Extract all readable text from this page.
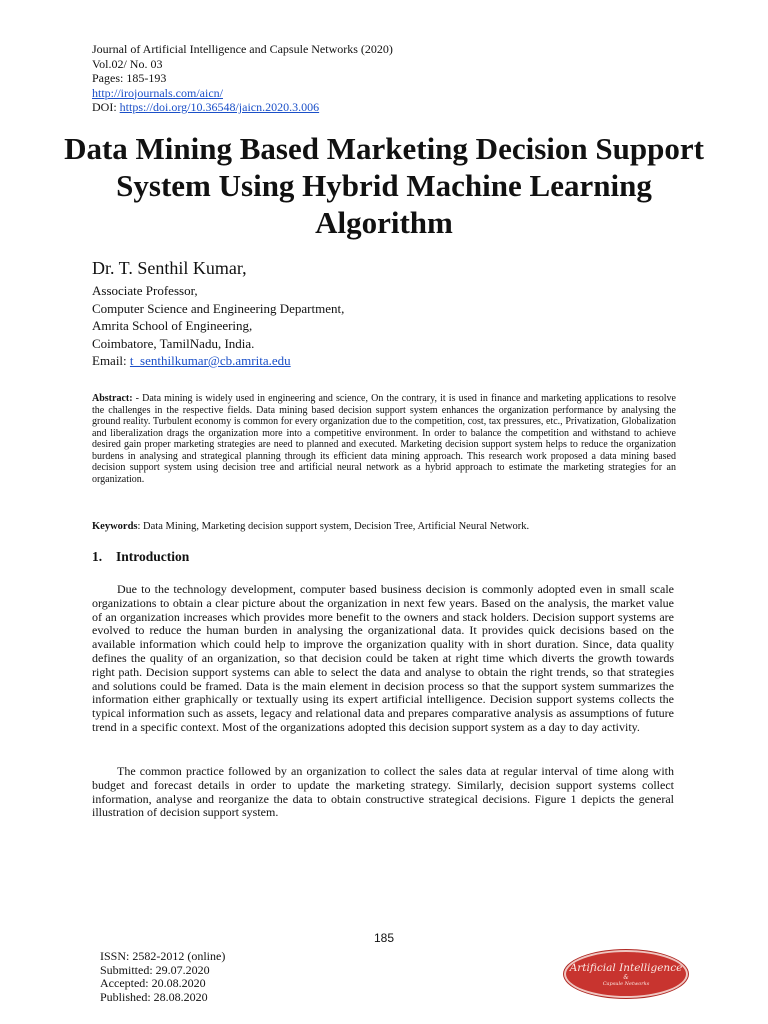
Journal of Artificial Intelligence and Capsule Networks (2020)
Vol.02/ No. 03
Pages: 185-193
http://irojournals.com/aicn/
DOI: https://doi.org/10.36548/jaicn.2020.3.006
Data Mining Based Marketing Decision Support System Using Hybrid Machine Learning Algorithm
Dr. T. Senthil Kumar,
Associate Professor,
Computer Science and Engineering Department,
Amrita School of Engineering,
Coimbatore, TamilNadu, India.
Email: t_senthilkumar@cb.amrita.edu
Abstract: - Data mining is widely used in engineering and science, On the contrary, it is used in finance and marketing applications to resolve the challenges in the respective fields. Data mining based decision support system enhances the organization performance by analysing the ground reality. Turbulent economy is common for every organization due to the competition, cost, tax pressures, etc., Privatization, Globalization and liberalization drags the organization more into a competitive environment. In order to balance the competition and withstand to achieve desired gain proper marketing strategies are need to planned and executed. Marketing decision support system helps to reduce the organization burdens in analysing and strategical planning through its efficient data mining approach. This research work proposed a data mining based decision support system using decision tree and artificial neural network as a hybrid approach to estimate the marketing strategies for an organization.
Keywords: Data Mining, Marketing decision support system, Decision Tree, Artificial Neural Network.
1. Introduction
Due to the technology development, computer based business decision is commonly adopted even in small scale organizations to obtain a clear picture about the organization in next few years. Based on the analysis, the market value of an organization increases which provides more benefit to the owners and stack holders. Decision support systems are evolved to reduce the human burden in analysing the organizational data. It provides quick decisions based on the available information which could help to improve the organization quality with in short duration. Since, data quality defines the quality of an organization, so that decision could be taken at right time which diverts the growth towards right path. Decision support systems can able to select the data and analyse to obtain the right trends, so that strategies and solutions could be framed. Data is the main element in decision process so that the support system summarizes the information either graphically or textually using its expert artificial intelligence. Decision support systems collects the typical information such as assets, legacy and relational data and prepares comparative analysis as assumptions of future trend in a specific context. Most of the organizations adopted this decision support system as a day to day activity.
The common practice followed by an organization to collect the sales data at regular interval of time along with budget and forecast details in order to update the marketing strategy. Similarly, decision support systems collect information, analyse and reorganize the data to obtain constructive strategical decisions. Figure 1 depicts the general illustration of decision support system.
185
ISSN: 2582-2012 (online)
Submitted: 29.07.2020
Accepted: 20.08.2020
Published: 28.08.2020
Artificial Intelligence
&
Capsule Networks
